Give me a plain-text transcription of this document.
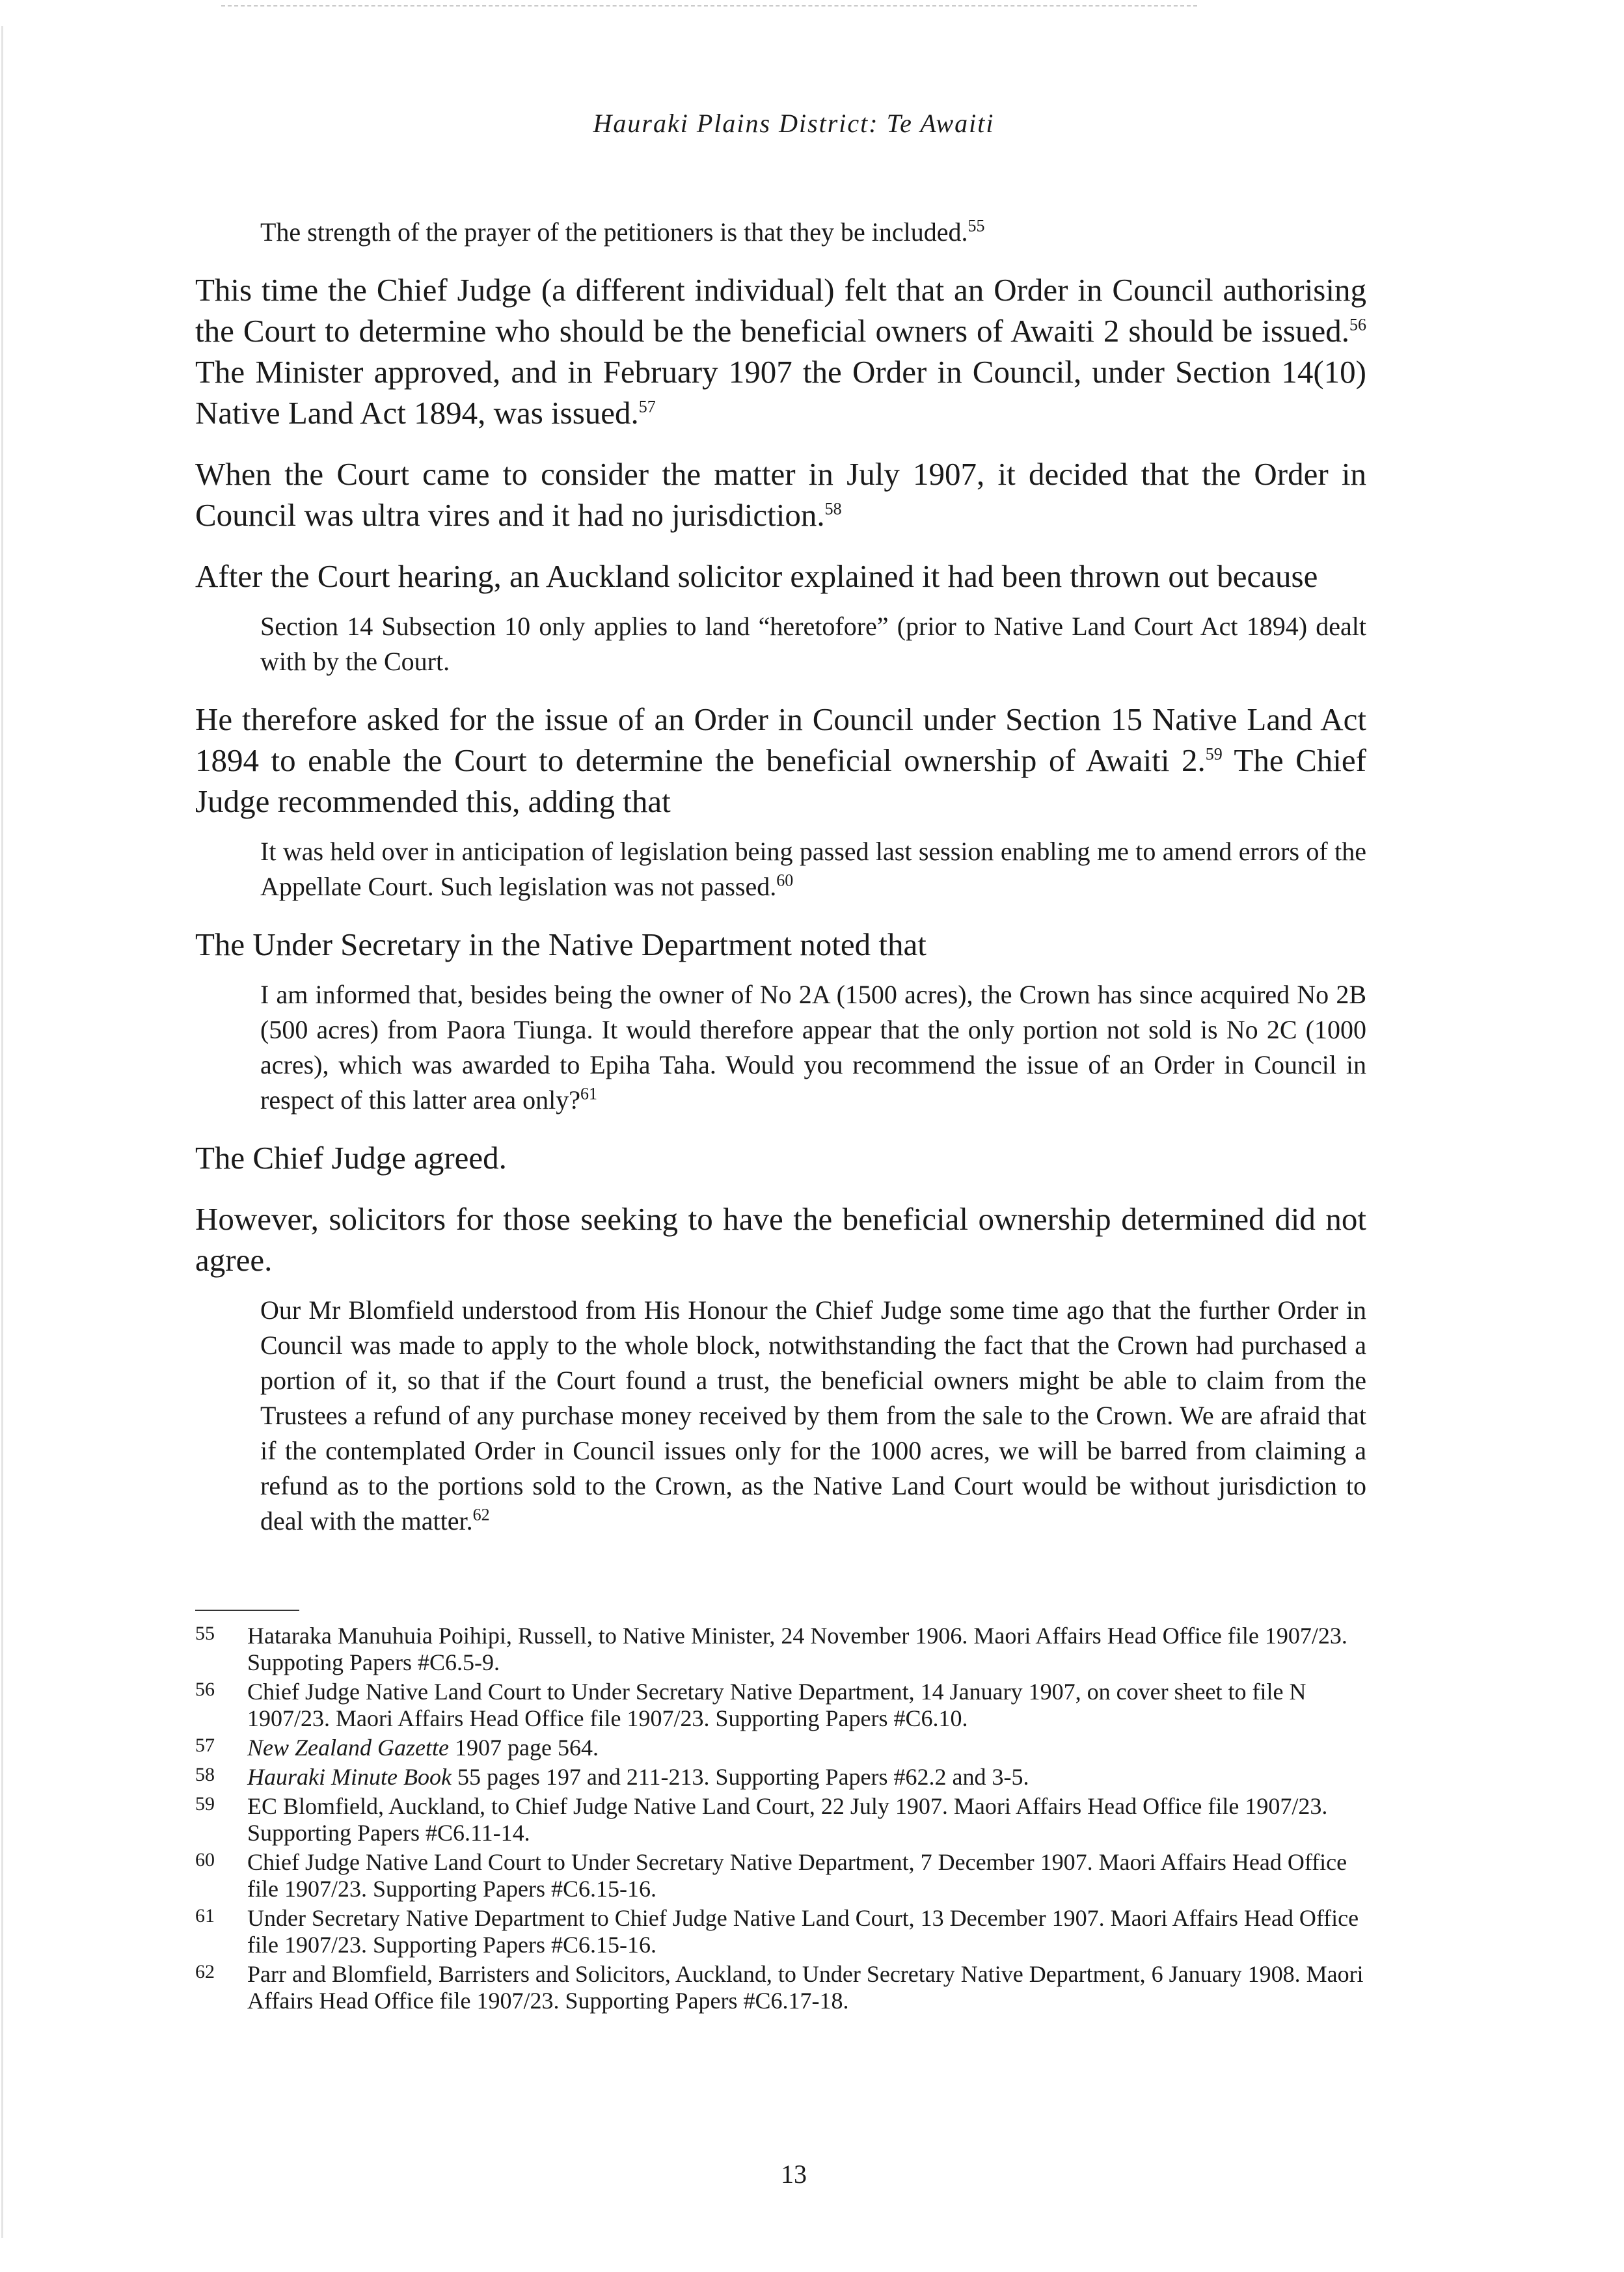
Hauraki Plains District: Te Awaiti

The strength of the prayer of the petitioners is that they be included.$^{55}$

This time the Chief Judge (a different individual) felt that an Order in Council authorising the Court to determine who should be the beneficial owners of Awaiti 2 should be issued.$^{56}$ The Minister approved, and in February 1907 the Order in Council, under Section 14(10) Native Land Act 1894, was issued.$^{57}$

When the Court came to consider the matter in July 1907, it decided that the Order in Council was ultra vires and it had no jurisdiction.$^{58}$

After the Court hearing, an Auckland solicitor explained it had been thrown out because

Section 14 Subsection 10 only applies to land “heretofore” (prior to Native Land Court Act 1894) dealt with by the Court.

He therefore asked for the issue of an Order in Council under Section 15 Native Land Act 1894 to enable the Court to determine the beneficial ownership of Awaiti 2.59 The Chief Judge recommended this, adding that

It was held over in anticipation of legislation being passed last session enabling me to amend errors of the Appellate Court. Such legislation was not passed.$^{60}$

The Under Secretary in the Native Department noted that

I am informed that, besides being the owner of No 2A (1500 acres), the Crown has since acquired No 2B (500 acres) from Paora Tiunga. It would therefore appear that the only portion not sold is No 2C (1000 acres), which was awarded to Epiha Taha. Would you recommend the issue of an Order in Council in respect of this latter area only?$^{61}$

The Chief Judge agreed.

However, solicitors for those seeking to have the beneficial ownership determined did not agree.

Our Mr Blomfield understood from His Honour the Chief Judge some time ago that the further Order in Council was made to apply to the whole block, notwithstanding the fact that the Crown had purchased a portion of it, so that if the Court found a trust, the beneficial owners might be able to claim from the Trustees a refund of any purchase money received by them from the sale to the Crown. We are afraid that if the contemplated Order in Council issues only for the 1000 acres, we will be barred from claiming a refund as to the portions sold to the Crown, as the Native Land Court would be without jurisdiction to deal with the matter.$^{62}$

55 Hataraka Manuhuia Poihipi, Russell, to Native Minister, 24 November 1906. Maori Affairs Head Office file 1907/23. Suppoting Papers #C6.5-9.
56 Chief Judge Native Land Court to Under Secretary Native Department, 14 January 1907, on cover sheet to file N 1907/23. Maori Affairs Head Office file 1907/23. Supporting Papers #C6.10.
57 New Zealand Gazette 1907 page 564.
58 Hauraki Minute Book 55 pages 197 and 211-213. Supporting Papers #62.2 and 3-5.
59 EC Blomfield, Auckland, to Chief Judge Native Land Court, 22 July 1907. Maori Affairs Head Office file 1907/23. Supporting Papers #C6.11-14.
60 Chief Judge Native Land Court to Under Secretary Native Department, 7 December 1907. Maori Affairs Head Office file 1907/23. Supporting Papers #C6.15-16.
61 Under Secretary Native Department to Chief Judge Native Land Court, 13 December 1907. Maori Affairs Head Office file 1907/23. Supporting Papers #C6.15-16.
62 Parr and Blomfield, Barristers and Solicitors, Auckland, to Under Secretary Native Department, 6 January 1908. Maori Affairs Head Office file 1907/23. Supporting Papers #C6.17-18.
13
